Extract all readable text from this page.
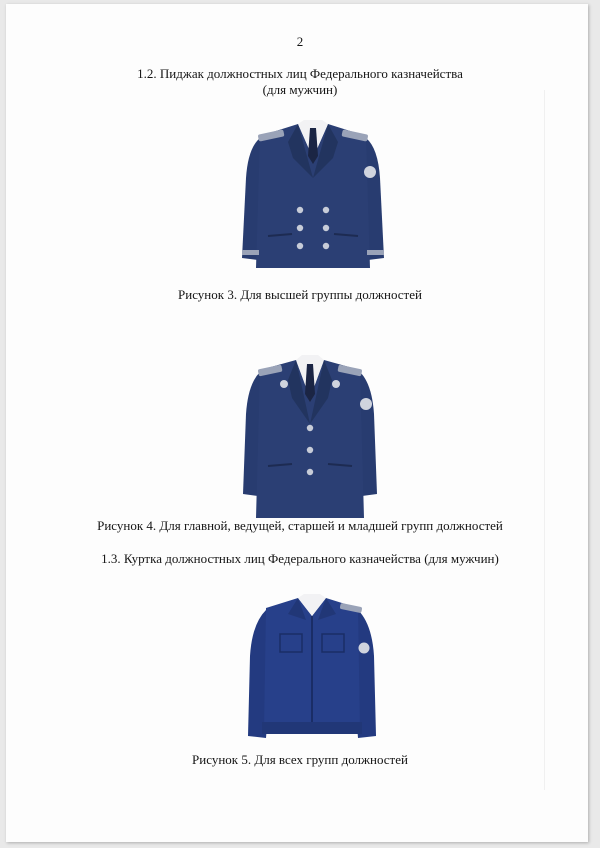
2
1.2. Пиджак должностных лиц Федерального казначейства
(для мужчин)
Рисунок 3. Для высшей группы должностей
Рисунок 4. Для главной, ведущей, старшей и младшей групп должностей
1.3. Куртка должностных лиц Федерального казначейства (для мужчин)
Рисунок 5. Для всех групп должностей
